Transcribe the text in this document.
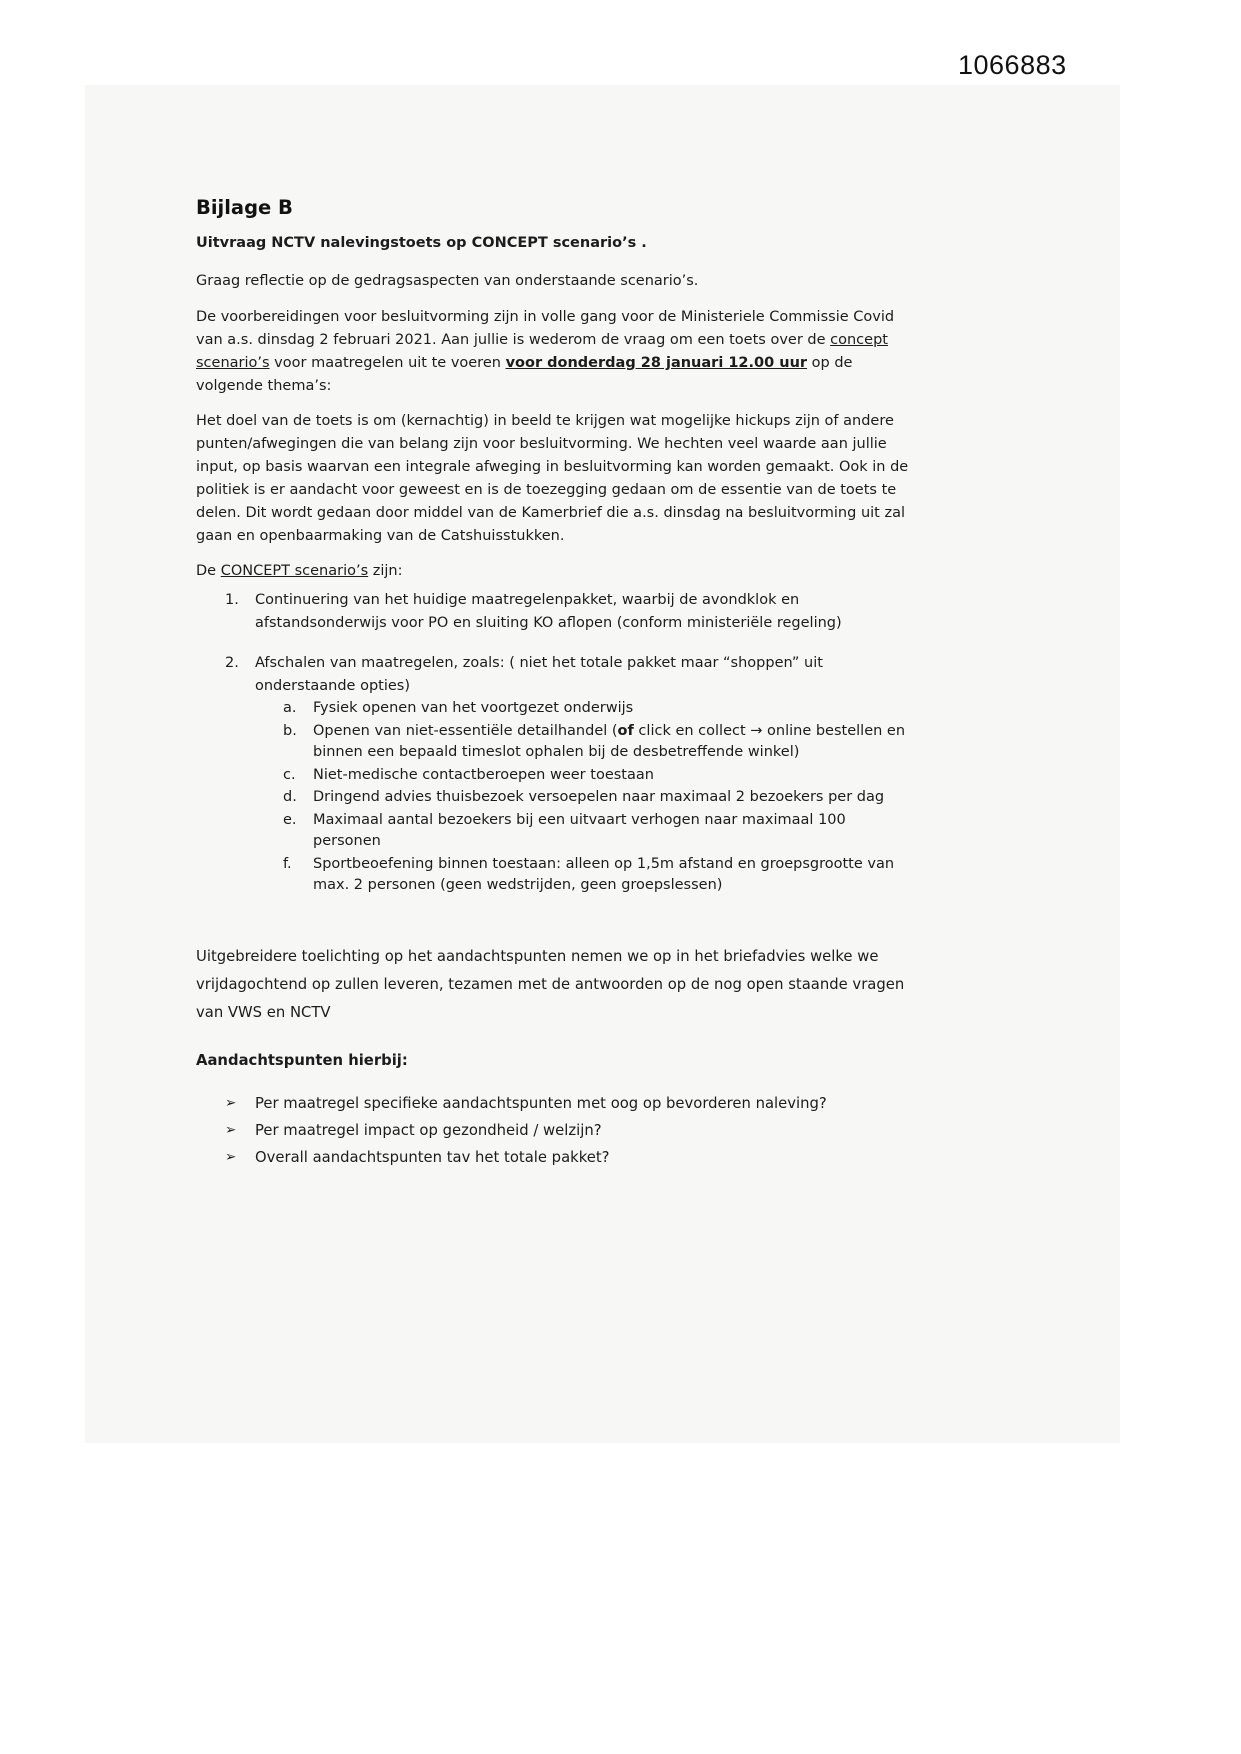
1066883
Bijlage B

Uitvraag NCTV nalevingstoets op CONCEPT scenario’s .

Graag reflectie op de gedragsaspecten van onderstaande scenario’s.

De voorbereidingen voor besluitvorming zijn in volle gang voor de Ministeriele Commissie Covid van a.s. dinsdag 2 februari 2021. Aan jullie is wederom de vraag om een toets over de concept scenario’s voor maatregelen uit te voeren voor donderdag 28 januari 12.00 uur op de volgende thema’s:

Het doel van de toets is om (kernachtig) in beeld te krijgen wat mogelijke hickups zijn of andere punten/afwegingen die van belang zijn voor besluitvorming. We hechten veel waarde aan jullie input, op basis waarvan een integrale afweging in besluitvorming kan worden gemaakt. Ook in de politiek is er aandacht voor geweest en is de toezegging gedaan om de essentie van de toets te delen. Dit wordt gedaan door middel van de Kamerbrief die a.s. dinsdag na besluitvorming uit zal gaan en openbaarmaking van de Catshuisstukken.

De CONCEPT scenario’s zijn:

1.	Continuering van het huidige maatregelenpakket, waarbij de avondklok en afstandsonderwijs voor PO en sluiting KO aflopen (conform ministeriële regeling)
2.	Afschalen van maatregelen, zoals: ( niet het totale pakket maar “shoppen” uit onderstaande opties)
a.	Fysiek openen van het voortgezet onderwijs
b.	Openen van niet-essentiële detailhandel (of click en collect → online bestellen en binnen een bepaald timeslot ophalen bij de desbetreffende winkel)
c.	Niet-medische contactberoepen weer toestaan
d.	Dringend advies thuisbezoek versoepelen naar maximaal 2 bezoekers per dag
e.	Maximaal aantal bezoekers bij een uitvaart verhogen naar maximaal 100 personen
f.	Sportbeoefening binnen toestaan: alleen op 1,5m afstand en groepsgrootte van max. 2 personen (geen wedstrijden, geen groepslessen)

Uitgebreidere toelichting op het aandachtspunten nemen we op in het briefadvies welke we vrijdagochtend op zullen leveren, tezamen met de antwoorden op de nog open staande vragen van VWS en NCTV

Aandachtspunten hierbij:

➢	Per maatregel specifieke aandachtspunten met oog op bevorderen naleving?
➢	Per maatregel impact op gezondheid / welzijn?
➢	Overall aandachtspunten tav het totale pakket?
